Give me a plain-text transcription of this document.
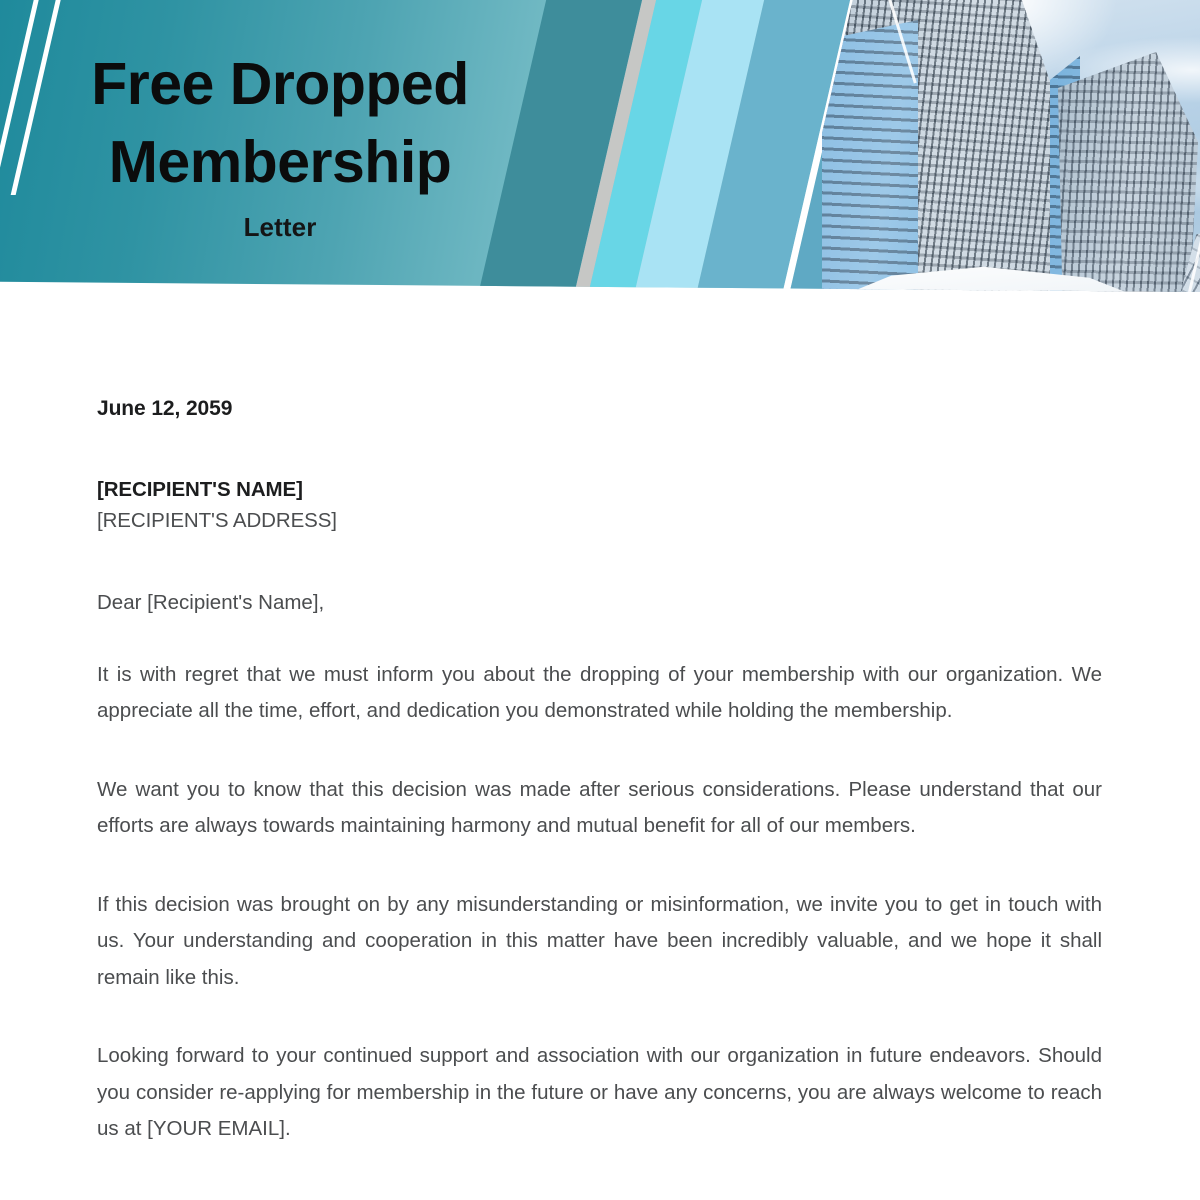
Free Dropped Membership
Letter

June 12, 2059

[RECIPIENT'S NAME]

[RECIPIENT'S ADDRESS]

Dear [Recipient's Name],

It is with regret that we must inform you about the dropping of your membership with our organization. We appreciate all the time, effort, and dedication you demonstrated while holding the membership.

We want you to know that this decision was made after serious considerations. Please understand that our efforts are always towards maintaining harmony and mutual benefit for all of our members.

If this decision was brought on by any misunderstanding or misinformation, we invite you to get in touch with us. Your understanding and cooperation in this matter have been incredibly valuable, and we hope it shall remain like this.

Looking forward to your continued support and association with our organization in future endeavors. Should you consider re-applying for membership in the future or have any concerns, you are always welcome to reach us at [YOUR EMAIL].
